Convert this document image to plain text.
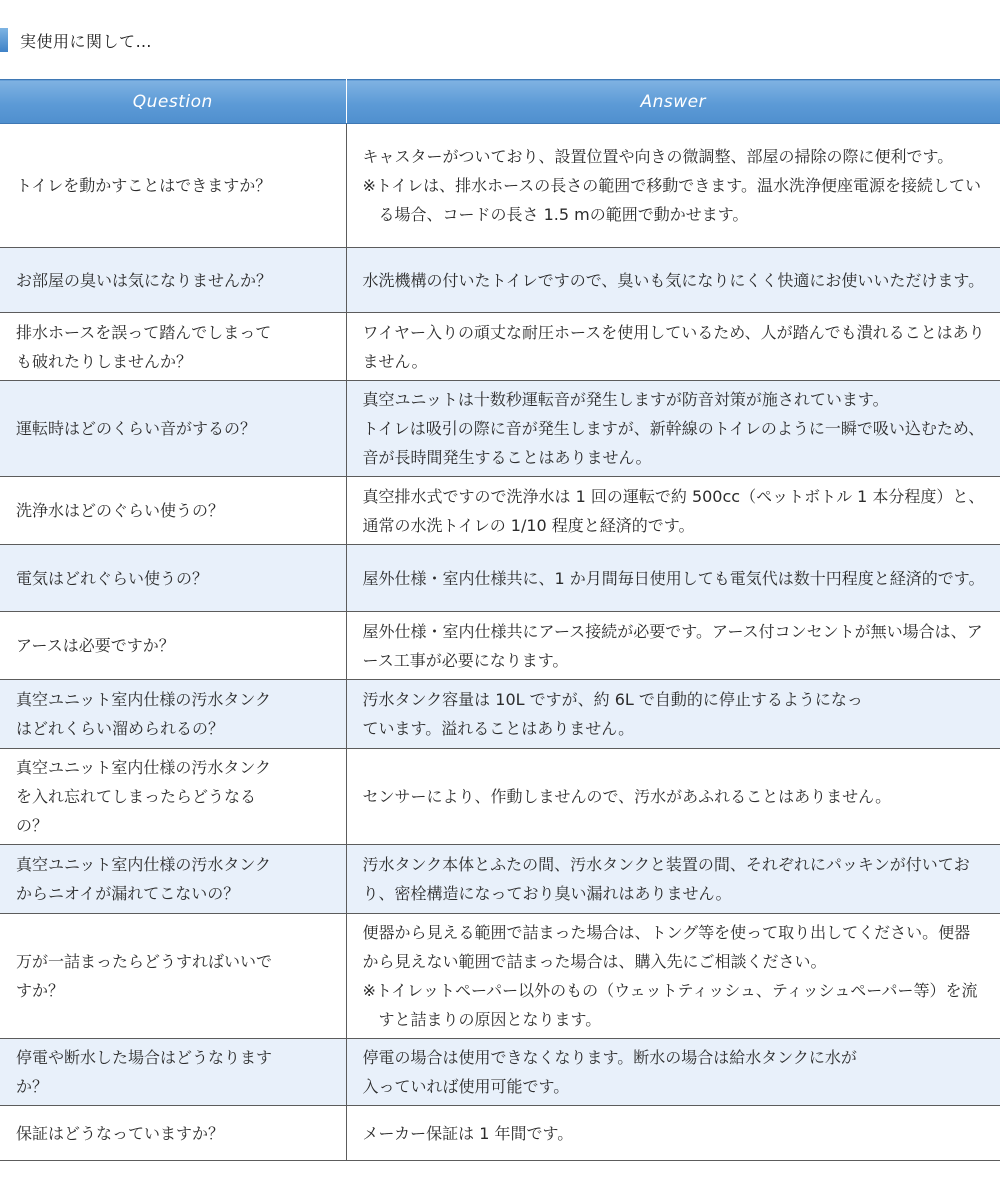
実使用に関して…
Question	Answer

トイレを動かすことはできますか？	キャスターがついており、設置位置や向きの微調整、部屋の掃除の際に便利です。
※トイレは、排水ホースの長さの範囲で移動できます。温水洗浄便座電源を接続している場合、コードの長さ 1.5 mの範囲で動かせます。

お部屋の臭いは気になりませんか？	水洗機構の付いたトイレですので、臭いも気になりにくく快適にお使いいただけます。

排水ホースを誤って踏んでしまって
も破れたりしませんか？	ワイヤー入りの頑丈な耐圧ホースを使用しているため、人が踏んでも潰れることはありません。

運転時はどのくらい音がするの？	真空ユニットは十数秒運転音が発生しますが防音対策が施されています。
トイレは吸引の際に音が発生しますが、新幹線のトイレのように一瞬で吸い込むため、音が長時間発生することはありません。

洗浄水はどのぐらい使うの？	真空排水式ですので洗浄水は 1 回の運転で約 500cc（ペットボトル 1 本分程度）と、通常の水洗トイレの 1/10 程度と経済的です。

電気はどれぐらい使うの？	屋外仕様・室内仕様共に、1 か月間毎日使用しても電気代は数十円程度と経済的です。

アースは必要ですか？	屋外仕様・室内仕様共にアース接続が必要です。アース付コンセントが無い場合は、アース工事が必要になります。

真空ユニット室内仕様の汚水タンク
はどれくらい溜められるの？	汚水タンク容量は 10L ですが、約 6L で自動的に停止するようになっ
ています。溢れることはありません。

真空ユニット室内仕様の汚水タンク
を入れ忘れてしまったらどうなる
の？	センサーにより、作動しませんので、汚水があふれることはありません。

真空ユニット室内仕様の汚水タンク
からニオイが漏れてこないの？	汚水タンク本体とふたの間、汚水タンクと装置の間、それぞれにパッキンが付いており、密栓構造になっており臭い漏れはありません。

万が一詰まったらどうすればいいで
すか？	便器から見える範囲で詰まった場合は、トング等を使って取り出してください。便器から見えない範囲で詰まった場合は、購入先にご相談ください。
※トイレットペーパー以外のもの（ウェットティッシュ、ティッシュペーパー等）を流すと詰まりの原因となります。

停電や断水した場合はどうなります
か？	停電の場合は使用できなくなります。断水の場合は給水タンクに水が
入っていれば使用可能です。

保証はどうなっていますか？	メーカー保証は 1 年間です。
